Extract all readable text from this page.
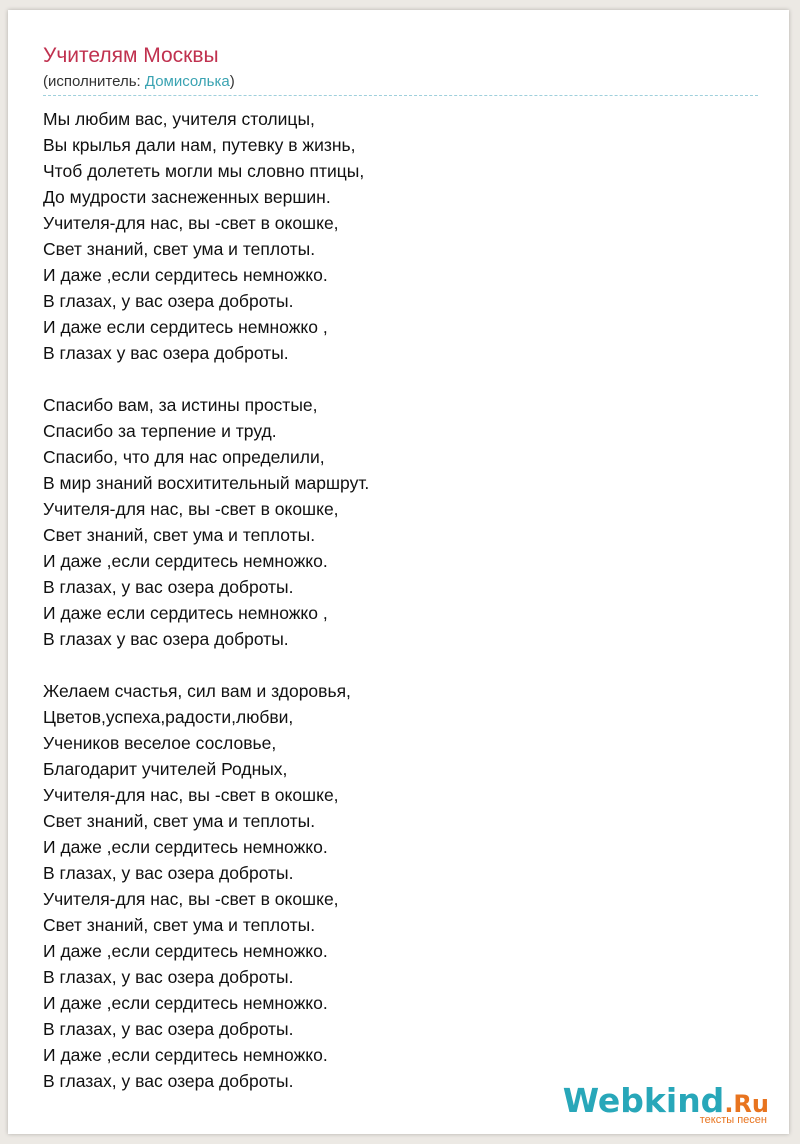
Учителям Москвы
(исполнитель: Домисолька)
Мы любим вас, учителя столицы,
Вы крылья дали нам, путевку в жизнь,
Чтоб долететь могли мы словно птицы,
До мудрости заснеженных вершин.
Учителя-для нас, вы -свет в окошке,
Свет знаний, свет ума и теплоты.
И даже ,если сердитесь немножко.
В глазах, у вас озера доброты.
И даже если сердитесь немножко ,
В глазах у вас озера доброты.
Спасибо вам, за истины простые,
Спасибо за терпение и труд.
Спасибо, что для нас определили,
В мир знаний восхитительный маршрут.
Учителя-для нас, вы -свет в окошке,
Свет знаний, свет ума и теплоты.
И даже ,если сердитесь немножко.
В глазах, у вас озера доброты.
И даже если сердитесь немножко ,
В глазах у вас озера доброты.
Желаем счастья, сил вам и здоровья,
Цветов,успеха,радости,любви,
Учеников веселое сословье,
Благодарит учителей Родных,
Учителя-для нас, вы -свет в окошке,
Свет знаний, свет ума и теплоты.
И даже ,если сердитесь немножко.
В глазах, у вас озера доброты.
Учителя-для нас, вы -свет в окошке,
Свет знаний, свет ума и теплоты.
И даже ,если сердитесь немножко.
В глазах, у вас озера доброты.
И даже ,если сердитесь немножко.
В глазах, у вас озера доброты.
И даже ,если сердитесь немножко.
В глазах, у вас озера доброты.	Webkind.Ru
тексты песен
